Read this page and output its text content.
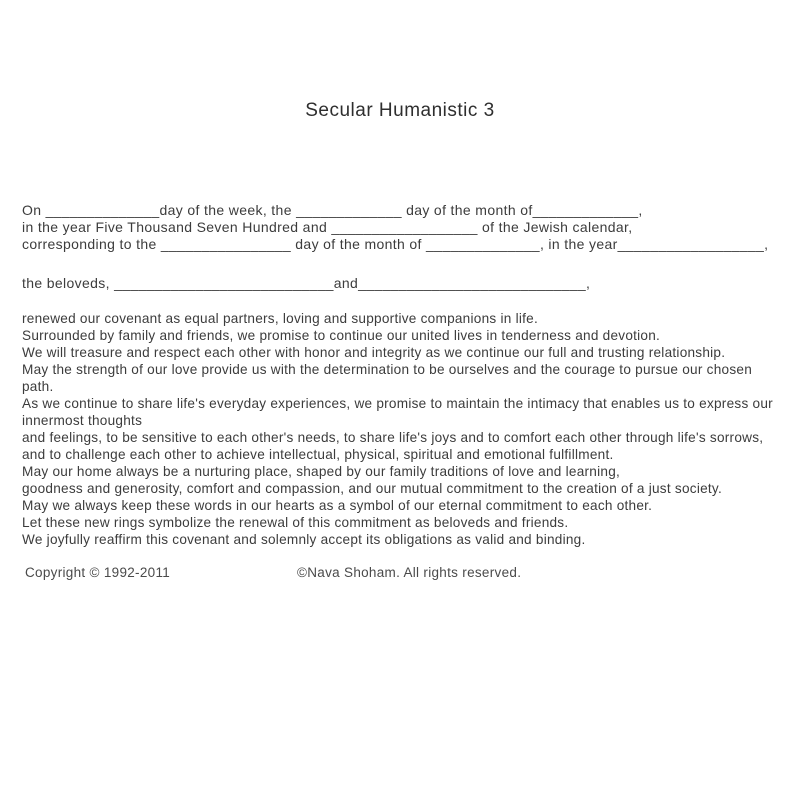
Secular Humanistic 3
On ______________day of the week, the _____________ day of the month of_____________,
in the year Five Thousand Seven Hundred and __________________ of the Jewish calendar,
corresponding to the ________________ day of the month of ______________, in the year__________________,
the beloveds, ___________________________and____________________________,
renewed our covenant as equal partners, loving and supportive companions in life.
Surrounded by family and friends, we promise to continue our united lives in tenderness and devotion.
We will treasure and respect each other with honor and integrity as we continue our full and trusting relationship.
May the strength of our love provide us with the determination to be ourselves and the courage to pursue our chosen
path.
As we continue to share life's everyday experiences, we promise to maintain the intimacy that enables us to express our
innermost thoughts
and feelings, to be sensitive to each other's needs, to share life's joys and to comfort each other through life's sorrows,
and to challenge each other to achieve intellectual, physical, spiritual and emotional fulfillment.
May our home always be a nurturing place, shaped by our family traditions of love and learning,
goodness and generosity, comfort and compassion, and our mutual commitment to the creation of a just society.
May we always keep these words in our hearts as a symbol of our eternal commitment to each other.
Let these new rings symbolize the renewal of this commitment as beloveds and friends.
We joyfully reaffirm this covenant and solemnly accept its obligations as valid and binding.
Copyright © 1992-2011	©Nava Shoham. All rights reserved.
